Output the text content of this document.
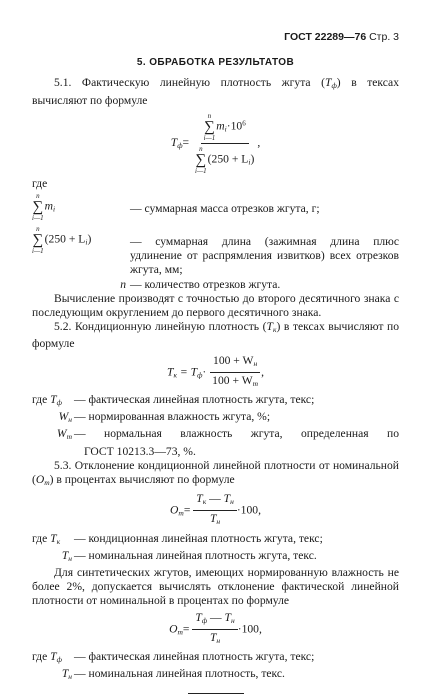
ГОСТ 22289—76 Стр. 3
5. ОБРАБОТКА РЕЗУЛЬТАТОВ

5.1. Фактическую линейную плотность жгута $(T_ф)$ в тексах вычисляют по формуле

$T_ф= n$
∑
i—1
$m_i\cdot 10^6$
n
∑
i—1
$(250 + L_i)$ ,

где

n
∑
i—1
$m_i$	— суммарная масса отрезков жгута, г;
n
∑
i—1
$(250 + L_i)$	— суммарная длина (зажимная длина плюс удлинение от распрямления извитков) всех отрезков жгута, мм;
n — количество отрезков жгута.

Вычисление производят с точностью до второго десятичного знака с последующим округлением до первого десятичного знака.

5.2. Кондиционную линейную плотность $(T_к)$ в тексах вычисляют по формуле

$T_к = T_ф\cdot \frac{100 + W_н}{100 + W_т}$ ,
где $T_ф$	— фактическая линейная плотность жгута, текс;
$W_н$ — нормированная влажность жгута, %;
$W_т$ — нормальная влажность жгута, определенная по

ГОСТ 10213.3—73, %.

5.3. Отклонение кондиционной линейной плотности от номинальной $(O_т)$ в процентах вычисляют по формуле

$O_т= \frac{T_к — T_н}{T_н} \cdot 100$,
где $T_к$	— кондиционная линейная плотность жгута, текс;
$T_н$ — номинальная линейная плотность жгута, текс.

Для синтетических жгутов, имеющих нормированную влажность не более 2%, допускается вычислять отклонение фактической линейной плотности от номинальной в процентах по формуле

$O_т= \frac{T_ф — T_н}{T_н} \cdot 100$,
где $T_ф$	— фактическая линейная плотность жгута, текс;
$T_н$ — номинальная линейная плотность, текс.
